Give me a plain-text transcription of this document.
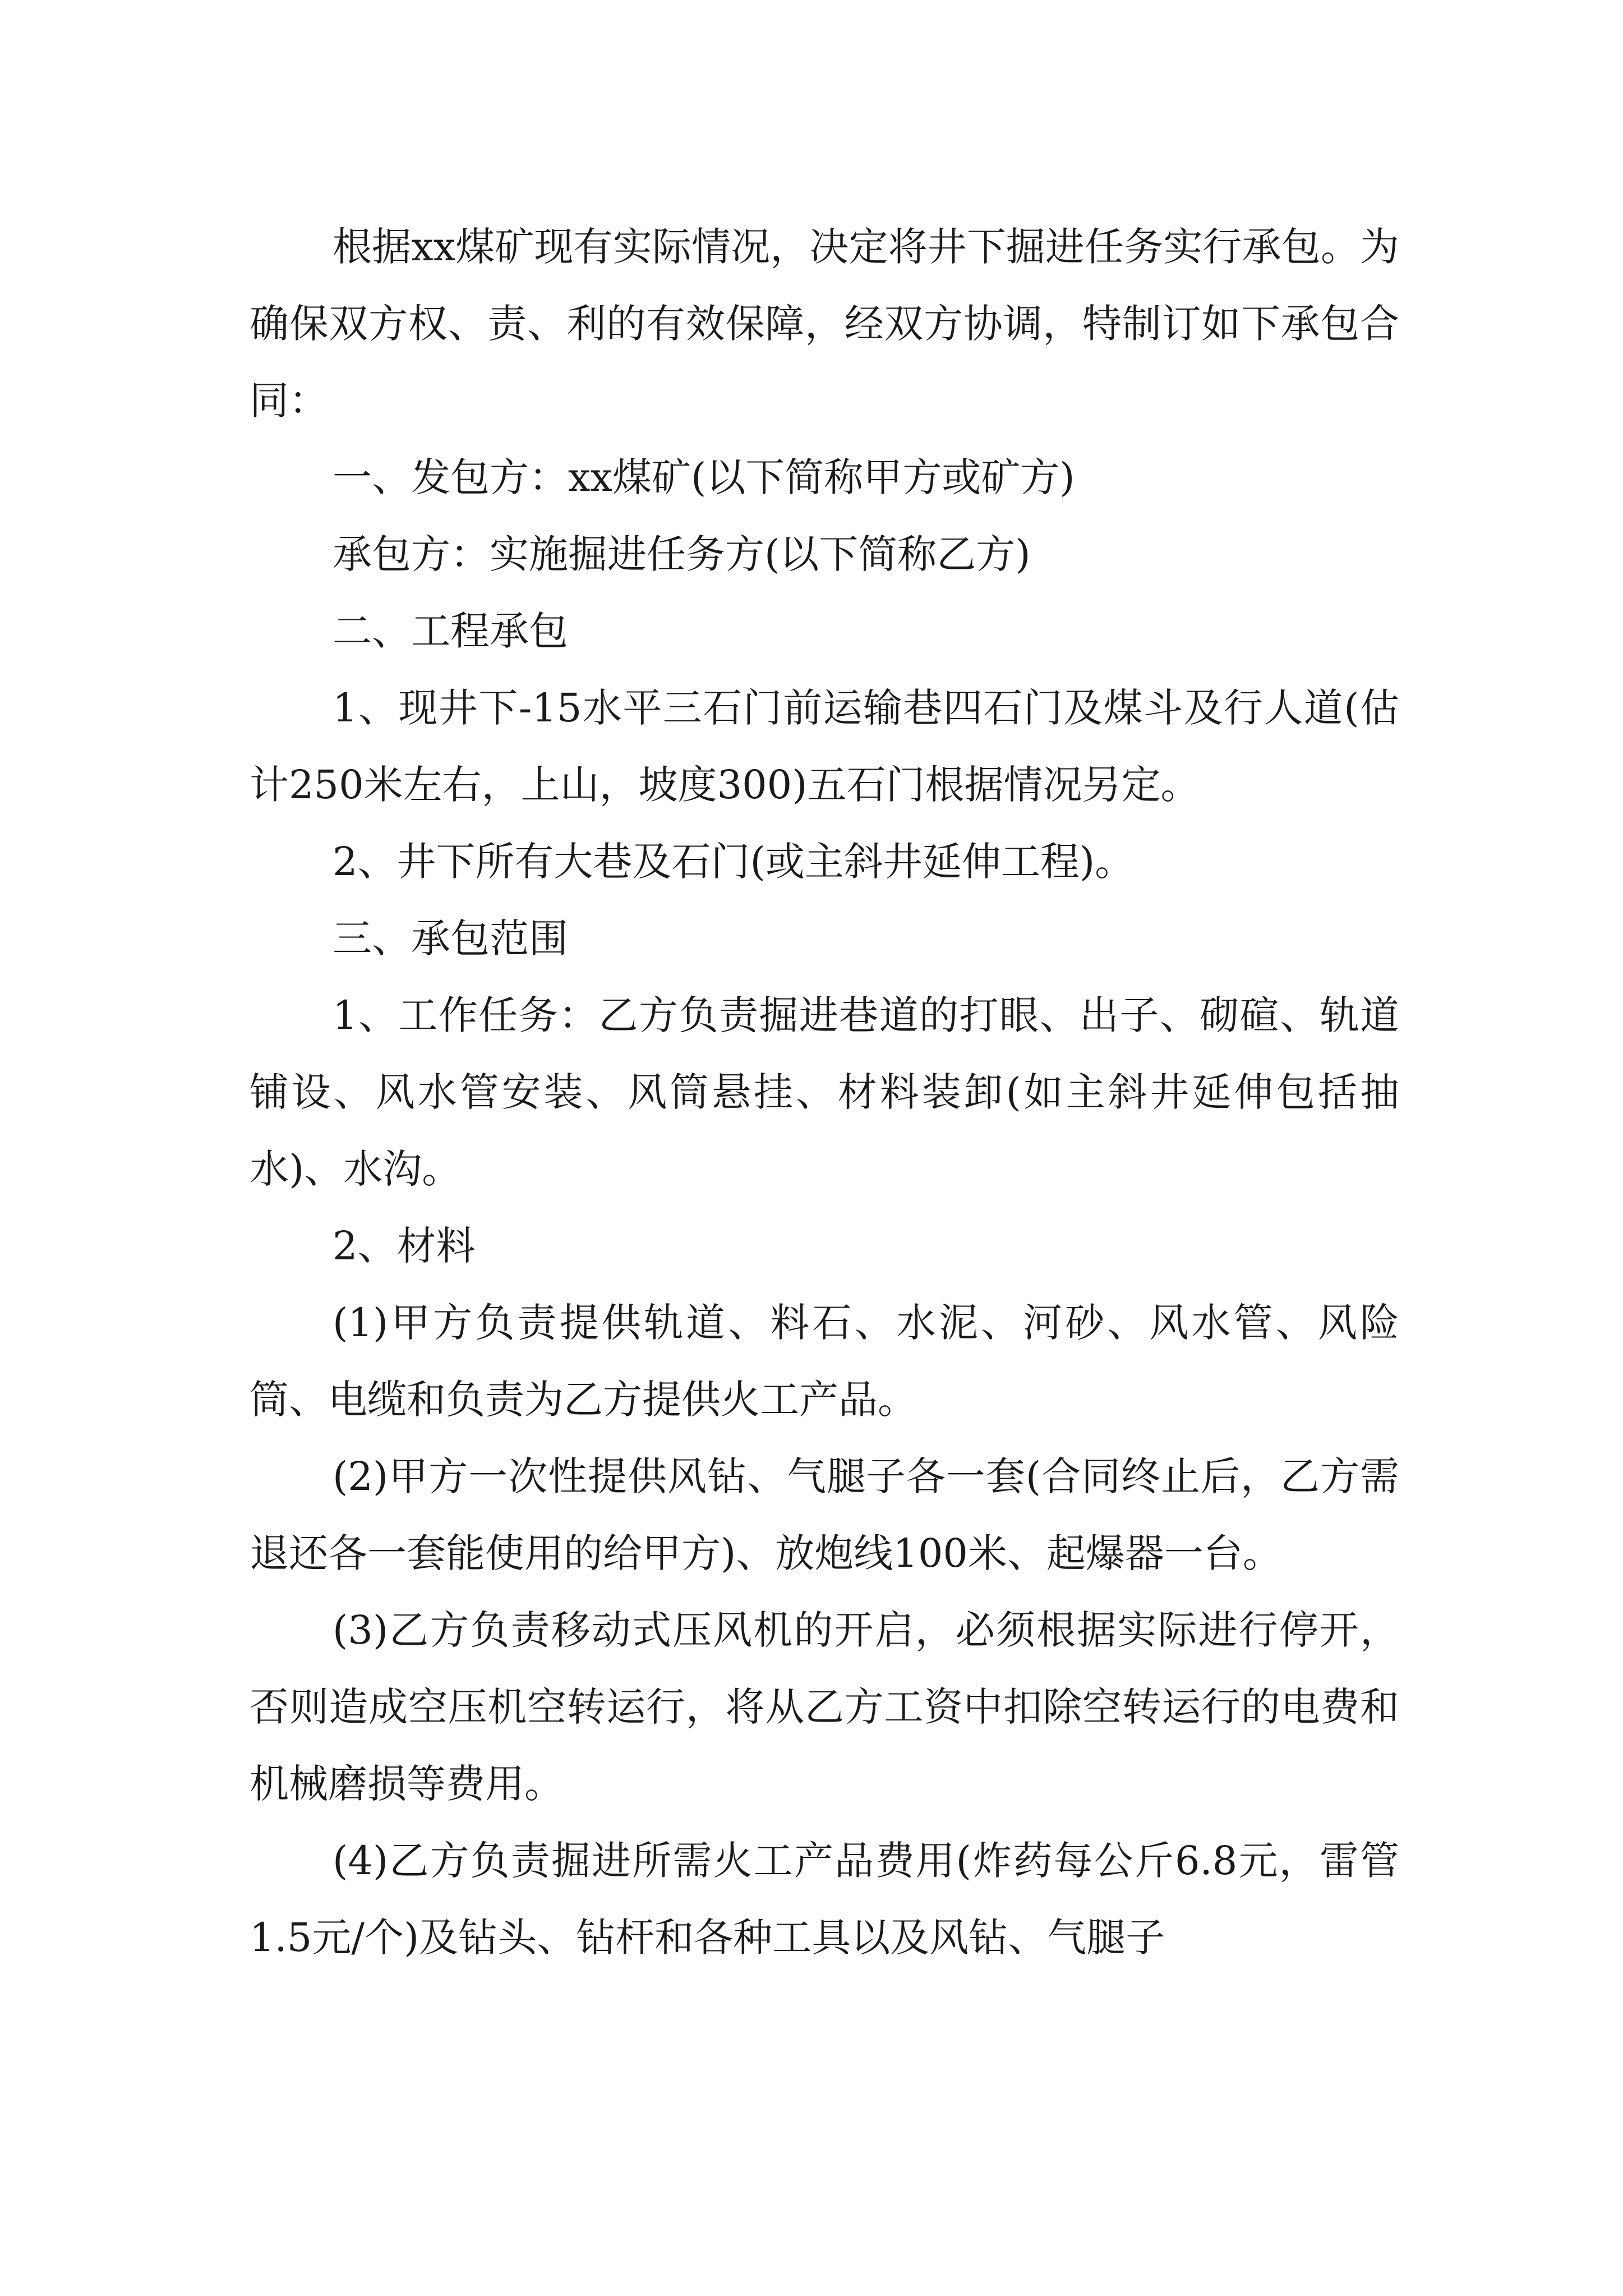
根据xx煤矿现有实际情况，决定将井下掘进任务实行承包。为确保双方权、责、利的有效保障，经双方协调，特制订如下承包合同：

一、发包方：xx煤矿(以下简称甲方或矿方)

承包方：实施掘进任务方(以下简称乙方)

二、工程承包

1、现井下-15水平三石门前运输巷四石门及煤斗及行人道(估计250米左右，上山，坡度300)五石门根据情况另定。

2、井下所有大巷及石门(或主斜井延伸工程)。

三、承包范围

1、工作任务：乙方负责掘进巷道的打眼、出子、砌碹、轨道铺设、风水管安装、风筒悬挂、材料装卸(如主斜井延伸包括抽水)、水沟。

2、材料

(1)甲方负责提供轨道、料石、水泥、河砂、风水管、风险筒、电缆和负责为乙方提供火工产品。

(2)甲方一次性提供风钻、气腿子各一套(合同终止后，乙方需退还各一套能使用的给甲方)、放炮线100米、起爆器一台。

(3)乙方负责移动式压风机的开启，必须根据实际进行停开，否则造成空压机空转运行，将从乙方工资中扣除空转运行的电费和机械磨损等费用。

(4)乙方负责掘进所需火工产品费用(炸药每公斤6.8元，雷管1.5元/个)及钻头、钻杆和各种工具以及风钻、气腿子
